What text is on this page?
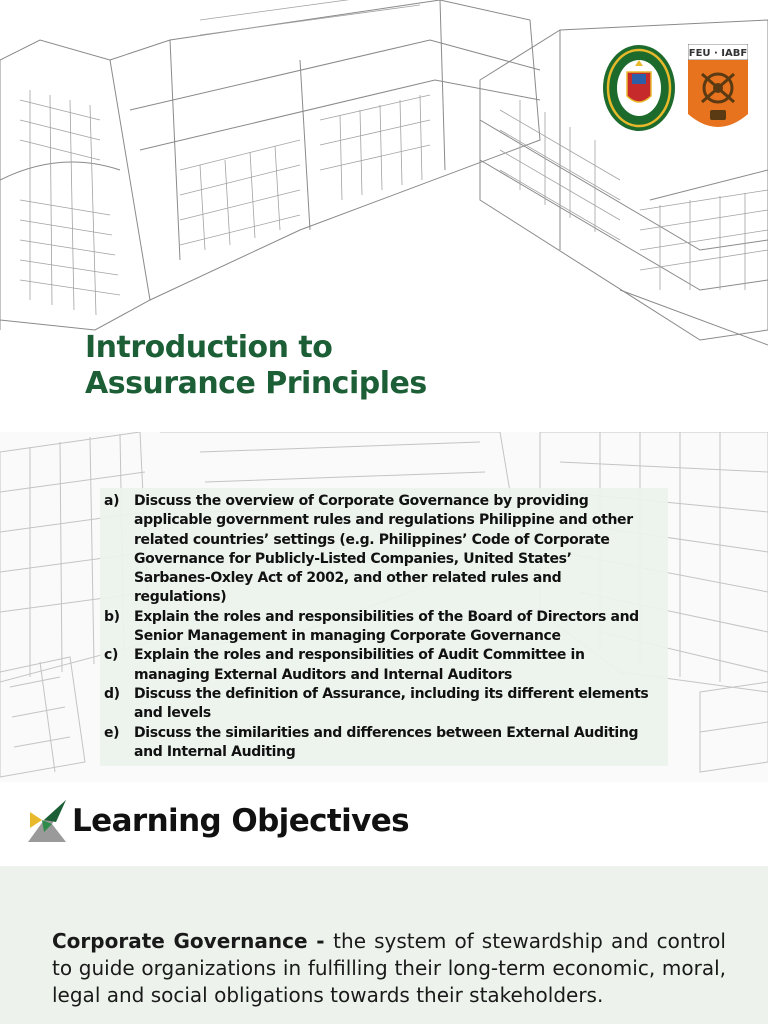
Introduction to
Assurance Principles
FEU · IABF
a)	Discuss the overview of Corporate Governance by providing applicable government rules and regulations Philippine and other related countries’ settings (e.g. Philippines’ Code of Corporate Governance for Publicly-Listed Companies, United States’ Sarbanes-Oxley Act of 2002, and other related rules and regulations)
b)	Explain the roles and responsibilities of the Board of Directors and Senior Management in managing Corporate Governance
c)	Explain the roles and responsibilities of Audit Committee in managing External Auditors and Internal Auditors
d)	Discuss the definition of Assurance, including its different elements and levels
e)	Discuss the similarities and differences between External Auditing and Internal Auditing
Learning Objectives

Corporate Governance - the system of stewardship and control to guide organizations in fulfilling their long-term economic, moral, legal and social obligations towards their stakeholders.
